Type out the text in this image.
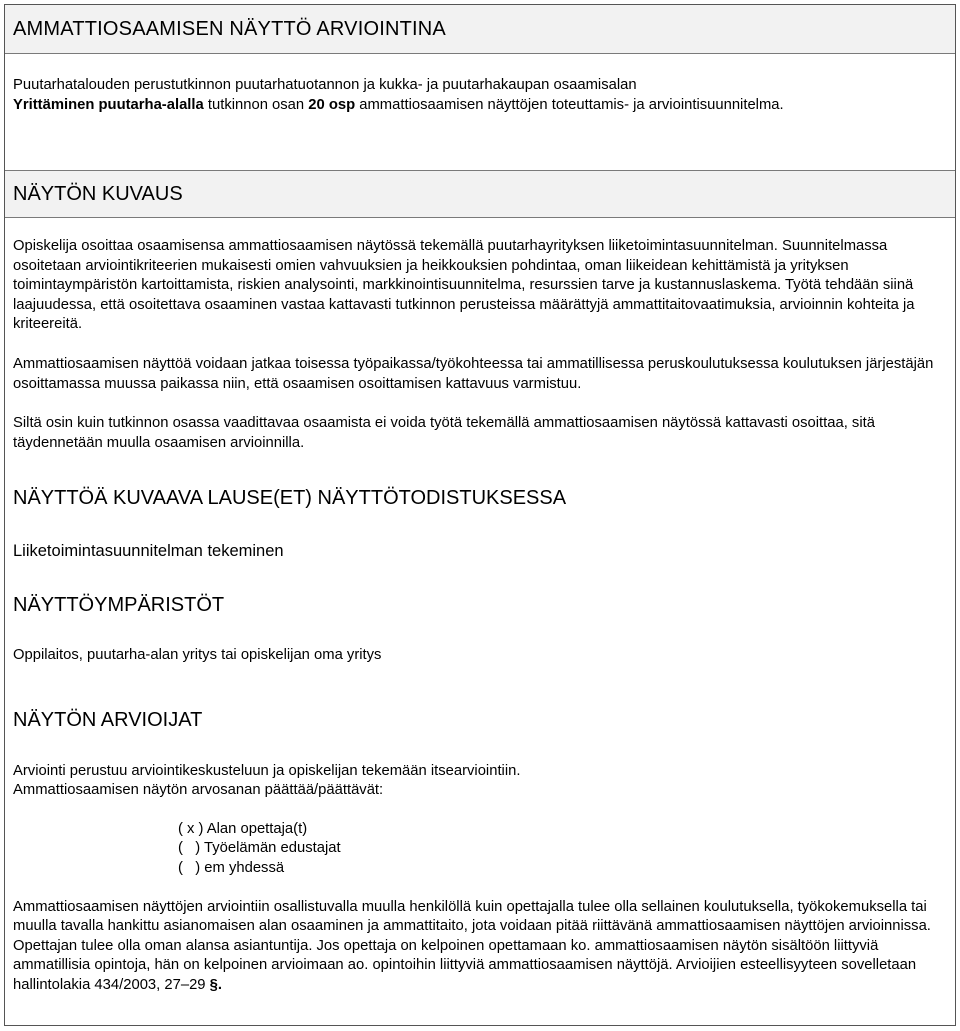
AMMATTIOSAAMISEN NÄYTTÖ ARVIOINTINA

Puutarhatalouden perustutkinnon puutarhatuotannon ja kukka- ja puutarhakaupan osaamisalan

Yrittäminen puutarha-alalla tutkinnon osan 20 osp ammattiosaamisen näyttöjen toteuttamis- ja arviointisuunnitelma.

NÄYTÖN KUVAUS

Opiskelija osoittaa osaamisensa ammattiosaamisen näytössä tekemällä puutarhayrityksen liiketoimintasuunnitelman. Suunnitelmassa osoitetaan arviointikriteerien mukaisesti omien vahvuuksien ja heikkouksien pohdintaa, oman liikeidean kehittämistä ja yrityksen toimintaympäristön kartoittamista, riskien analysointi, markkinointisuunnitelma, resurssien tarve ja kustannuslaskema. Työtä tehdään siinä laajuudessa, että osoitettava osaaminen vastaa kattavasti tutkinnon perusteissa määrättyjä ammattitaitovaatimuksia, arvioinnin kohteita ja kriteereitä.

Ammattiosaamisen näyttöä voidaan jatkaa toisessa työpaikassa/työkohteessa tai ammatillisessa peruskoulutuksessa koulutuksen järjestäjän osoittamassa muussa paikassa niin, että osaamisen osoittamisen kattavuus varmistuu.

Siltä osin kuin tutkinnon osassa vaadittavaa osaamista ei voida työtä tekemällä ammattiosaamisen näytössä kattavasti osoittaa, sitä täydennetään muulla osaamisen arvioinnilla.

NÄYTTÖÄ KUVAAVA LAUSE(ET) NÄYTTÖTODISTUKSESSA

Liiketoimintasuunnitelman tekeminen

NÄYTTÖYMPÄRISTÖT

Oppilaitos, puutarha-alan yritys tai opiskelijan oma yritys

NÄYTÖN ARVIOIJAT

Arviointi perustuu arviointikeskusteluun ja opiskelijan tekemään itsearviointiin.

Ammattiosaamisen näytön arvosanan päättää/päättävät:

( x ) Alan opettaja(t)

(   ) Työelämän edustajat

(   ) em yhdessä

Ammattiosaamisen näyttöjen arviointiin osallistuvalla muulla henkilöllä kuin opettajalla tulee olla sellainen koulutuksella, työkokemuksella tai muulla tavalla hankittu asianomaisen alan osaaminen ja ammattitaito, jota voidaan pitää riittävänä ammattiosaamisen näyttöjen arvioinnissa. Opettajan tulee olla oman alansa asiantuntija. Jos opettaja on kelpoinen opettamaan ko. ammattiosaamisen näytön sisältöön liittyviä ammatillisia opintoja, hän on kelpoinen arvioimaan ao. opintoihin liittyviä ammattiosaamisen näyttöjä. Arvioijien esteellisyyteen sovelletaan hallintolakia 434/2003, 27–29 §.
